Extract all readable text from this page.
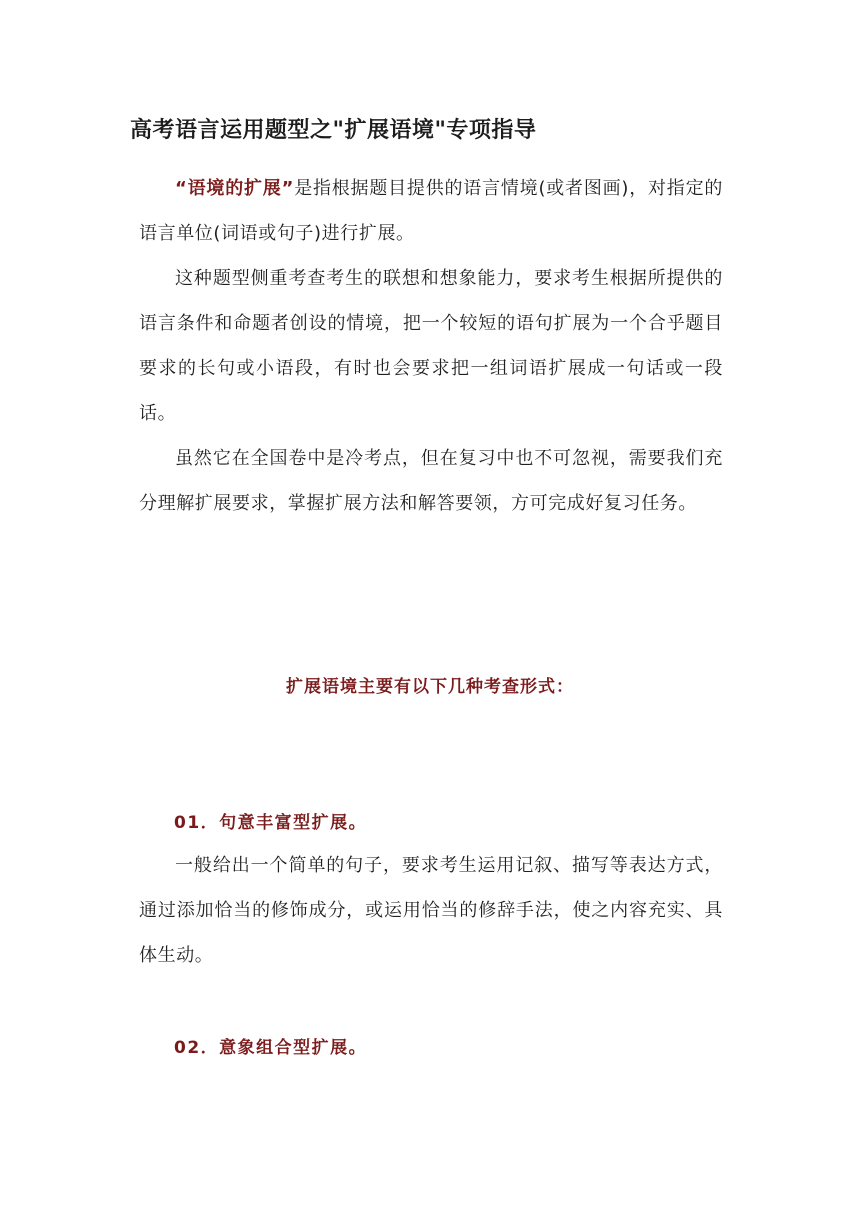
高考语言运用题型之"扩展语境"专项指导

“语境的扩展”是指根据题目提供的语言情境(或者图画)，对指定的语言单位(词语或句子)进行扩展。

这种题型侧重考查考生的联想和想象能力，要求考生根据所提供的语言条件和命题者创设的情境，把一个较短的语句扩展为一个合乎题目要求的长句或小语段，有时也会要求把一组词语扩展成一句话或一段话。

虽然它在全国卷中是冷考点，但在复习中也不可忽视，需要我们充分理解扩展要求，掌握扩展方法和解答要领，方可完成好复习任务。

扩展语境主要有以下几种考查形式：
01．句意丰富型扩展。

一般给出一个简单的句子，要求考生运用记叙、描写等表达方式，通过添加恰当的修饰成分，或运用恰当的修辞手法，使之内容充实、具体生动。

02．意象组合型扩展。
